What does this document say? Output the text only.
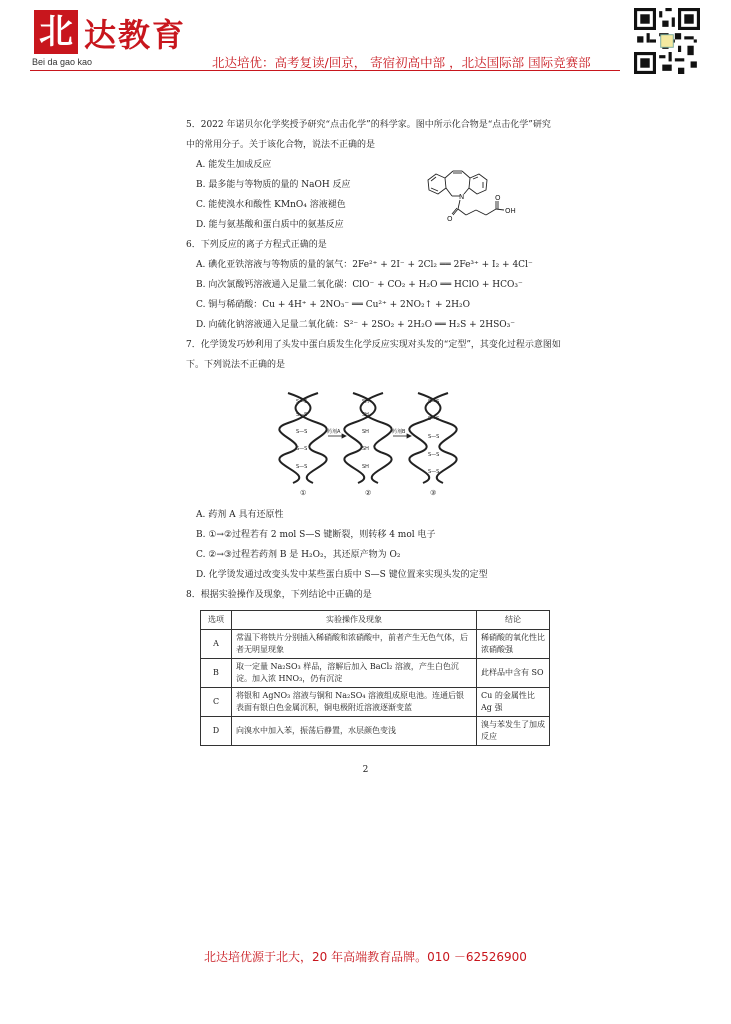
北 达教育
Bei da gao kao	北达培优：高考复读/回京， 寄宿初高中部 ，北达国际部 国际竞赛部
5．2022 年诺贝尔化学奖授予研究“点击化学”的科学家。图中所示化合物是“点击化学”研究中的常用分子。关于该化合物，说法不正确的是
A. 能发生加成反应
B. 最多能与等物质的量的 NaOH 反应
C. 能使溴水和酸性 KMnO₄ 溶液褪色
D. 能与氨基酸和蛋白质中的氨基反应
6．下列反应的离子方程式正确的是
A. 碘化亚铁溶液与等物质的量的氯气：2Fe²⁺ + 2I⁻ + 2Cl₂ ══ 2Fe³⁺ + I₂ + 4Cl⁻
B. 向次氯酸钙溶液通入足量二氧化碳：ClO⁻ + CO₂ + H₂O ══ HClO + HCO₃⁻
C. 铜与稀硝酸：Cu + 4H⁺ + 2NO₃⁻ ══ Cu²⁺ + 2NO₂↑ + 2H₂O
D. 向硫化钠溶液通入足量二氧化硫：S²⁻ + 2SO₂ + 2H₂O ══ H₂S + 2HSO₃⁻
7．化学烫发巧妙利用了头发中蛋白质发生化学反应实现对头发的“定型”，其变化过程示意图如下。下列说法不正确的是
A. 药剂 A 具有还原性
B. ①→②过程若有 2 mol S—S 键断裂，则转移 4 mol 电子
C. ②→③过程若药剂 B 是 H₂O₂，其还原产物为 O₂
D. 化学烫发通过改变头发中某些蛋白质中 S—S 键位置来实现头发的定型
8．根据实验操作及现象，下列结论中正确的是
N
O
O
OH
S—S
S—S
S—S
S—S
S—S
SH
SH
SH
SH
SH
S—S
S—S
S—S
S—S
S—S
药剂A	药剂B
①	②	③
选项	实验操作及现象	结论
A	常温下将铁片分别插入稀硝酸和浓硝酸中，前者产生无色气体，后者无明显现象	稀硝酸的氧化性比浓硝酸强
B	取一定量 Na₂SO₃ 样品，溶解后加入 BaCl₂ 溶液，产生白色沉淀。加入浓 HNO₃，仍有沉淀	此样品中含有 SO
C	将银和 AgNO₃ 溶液与铜和 Na₂SO₄ 溶液组成原电池。连通后银表面有银白色金属沉积，铜电极附近溶液逐渐变蓝	Cu 的金属性比 Ag 强
D	向溴水中加入苯，振荡后静置，水层颜色变浅	溴与苯发生了加成反应
2
北达培优源于北大，20 年高端教育品牌。010 －62526900
